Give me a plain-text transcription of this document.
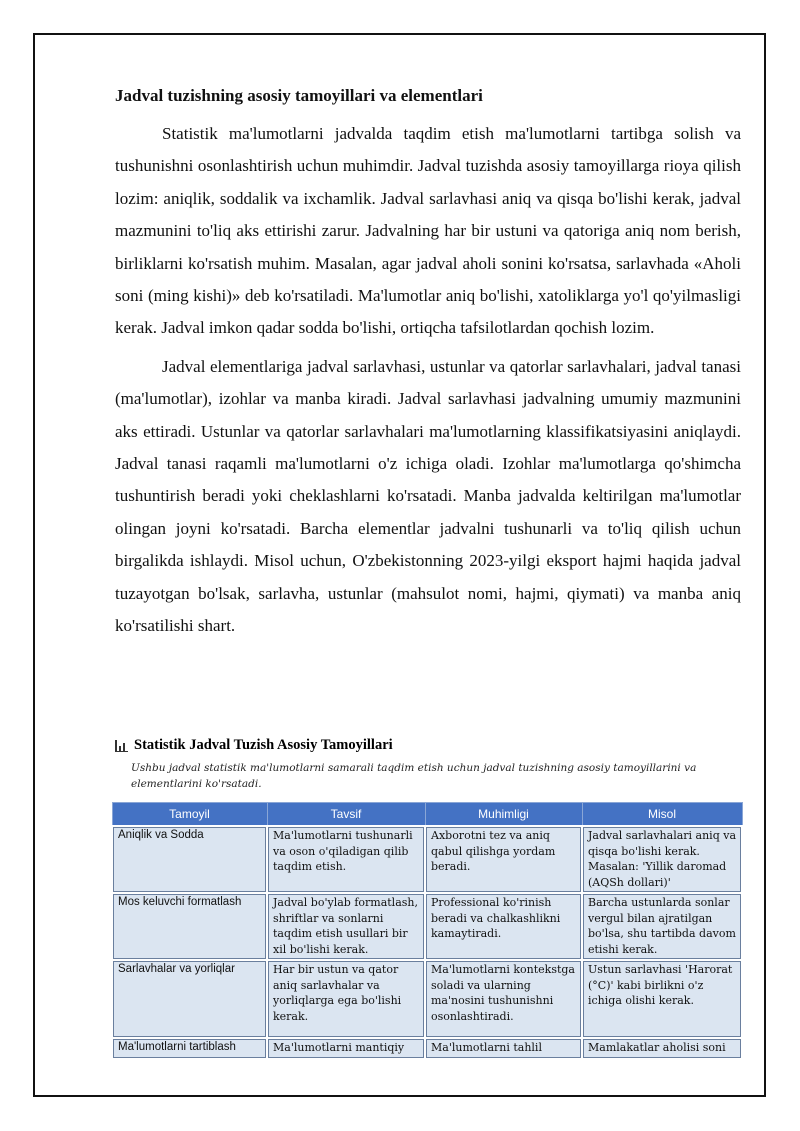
Jadval tuzishning asosiy tamoyillari va elementlari

Statistik ma'lumotlarni jadvalda taqdim etish ma'lumotlarni tartibga solish va tushunishni osonlashtirish uchun muhimdir. Jadval tuzishda asosiy tamoyillarga rioya qilish lozim: aniqlik, soddalik va ixchamlik. Jadval sarlavhasi aniq va qisqa bo'lishi kerak, jadval mazmunini to'liq aks ettirishi zarur. Jadvalning har bir ustuni va qatoriga aniq nom berish, birliklarni ko'rsatish muhim. Masalan, agar jadval aholi sonini ko'rsatsa, sarlavhada «Aholi soni (ming kishi)» deb ko'rsatiladi. Ma'lumotlar aniq bo'lishi, xatoliklarga yo'l qo'yilmasligi kerak. Jadval imkon qadar sodda bo'lishi, ortiqcha tafsilotlardan qochish lozim.

Jadval elementlariga jadval sarlavhasi, ustunlar va qatorlar sarlavhalari, jadval tanasi (ma'lumotlar), izohlar va manba kiradi. Jadval sarlavhasi jadvalning umumiy mazmunini aks ettiradi. Ustunlar va qatorlar sarlavhalari ma'lumotlarning klassifikatsiyasini aniqlaydi. Jadval tanasi raqamli ma'lumotlarni o'z ichiga oladi. Izohlar ma'lumotlarga qo'shimcha tushuntirish beradi yoki cheklashlarni ko'rsatadi. Manba jadvalda keltirilgan ma'lumotlar olingan joyni ko'rsatadi. Barcha elementlar jadvalni tushunarli va to'liq qilish uchun birgalikda ishlaydi. Misol uchun, O'zbekistonning 2023-yilgi eksport hajmi haqida jadval tuzayotgan bo'lsak, sarlavha, ustunlar (mahsulot nomi, hajmi, qiymati) va manba aniq ko'rsatilishi shart.

Statistik Jadval Tuzish Asosiy Tamoyillari
Ushbu jadval statistik ma'lumotlarni samarali taqdim etish uchun jadval tuzishning asosiy tamoyillarini va elementlarini ko'rsatadi.
Tamoyil	Tavsif	Muhimligi	Misol
Aniqlik va Sodda	Ma'lumotlarni tushunarli va oson o'qiladigan qilib taqdim etish.	Axborotni tez va aniq qabul qilishga yordam beradi.	Jadval sarlavhalari aniq va qisqa bo'lishi kerak. Masalan: 'Yillik daromad (AQSh dollari)'
Mos keluvchi formatlash	Jadval bo'ylab formatlash, shriftlar va sonlarni taqdim etish usullari bir xil bo'lishi kerak.	Professional ko'rinish beradi va chalkashlikni kamaytiradi.	Barcha ustunlarda sonlar vergul bilan ajratilgan bo'lsa, shu tartibda davom etishi kerak.
Sarlavhalar va yorliqlar	Har bir ustun va qator aniq sarlavhalar va yorliqlarga ega bo'lishi kerak.	Ma'lumotlarni kontekstga soladi va ularning ma'nosini tushunishni osonlashtiradi.	Ustun sarlavhasi 'Harorat (°C)' kabi birlikni o'z ichiga olishi kerak.
Ma'lumotlarni tartiblash	Ma'lumotlarni mantiqiy	Ma'lumotlarni tahlil	Mamlakatlar aholisi soni
